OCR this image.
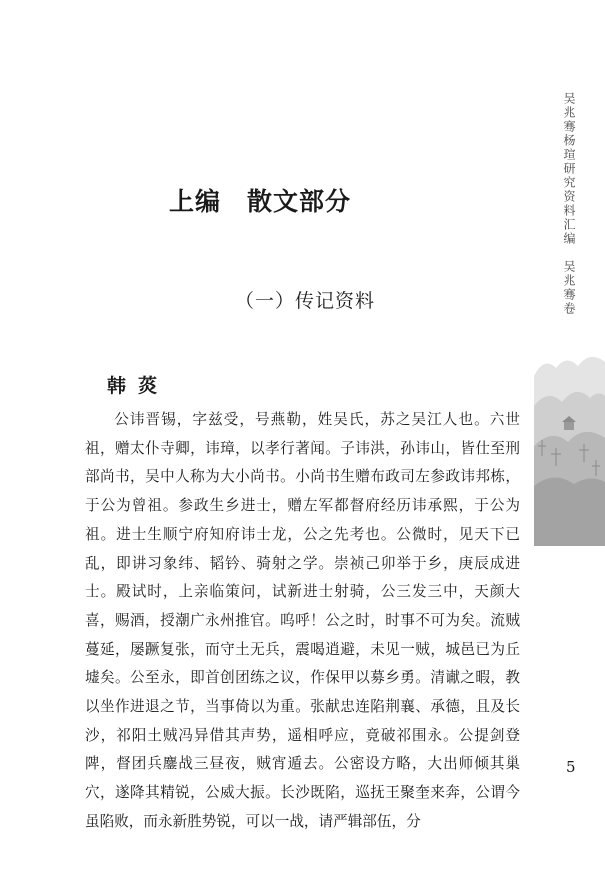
上编 散文部分
（一）传记资料
韩菼

公讳晋锡，字兹受，号燕勒，姓吴氏，苏之吴江人也。六世祖，赠太仆寺卿，讳璋，以孝行著闻。子讳洪，孙讳山，皆仕至刑部尚书，吴中人称为大小尚书。小尚书生赠布政司左参政讳邦栋，于公为曾祖。参政生乡进士，赠左军都督府经历讳承熙，于公为祖。进士生顺宁府知府讳士龙，公之先考也。公微时，见天下已乱，即讲习象纬、韬钤、骑射之学。崇祯己卯举于乡，庚辰成进士。殿试时，上亲临策问，试新进士射骑，公三发三中，天颜大喜，赐酒，授潮广永州推官。呜呼！公之时，时事不可为矣。流贼蔓延，屡蹶复张，而守土无兵，震喝逍避，未见一贼，城邑已为丘墟矣。公至永，即首创团练之议，作保甲以募乡勇。清谳之暇，教以坐作进退之节，当事倚以为重。张献忠连陷荆襄、承德，且及长沙，祁阳土贼冯异借其声势，遥相呼应，竟破祁围永。公提剑登陴，督团兵鏖战三昼夜，贼宵遁去。公密设方略，大出师倾其巢穴，遂降其精锐，公威大振。长沙既陷，巡抚王聚奎来奔，公谓今虽陷败，而永新胜势锐，可以一战，请严辑部伍，分

吴兆骞杨瑄研究资料汇编吴兆骞卷
5
